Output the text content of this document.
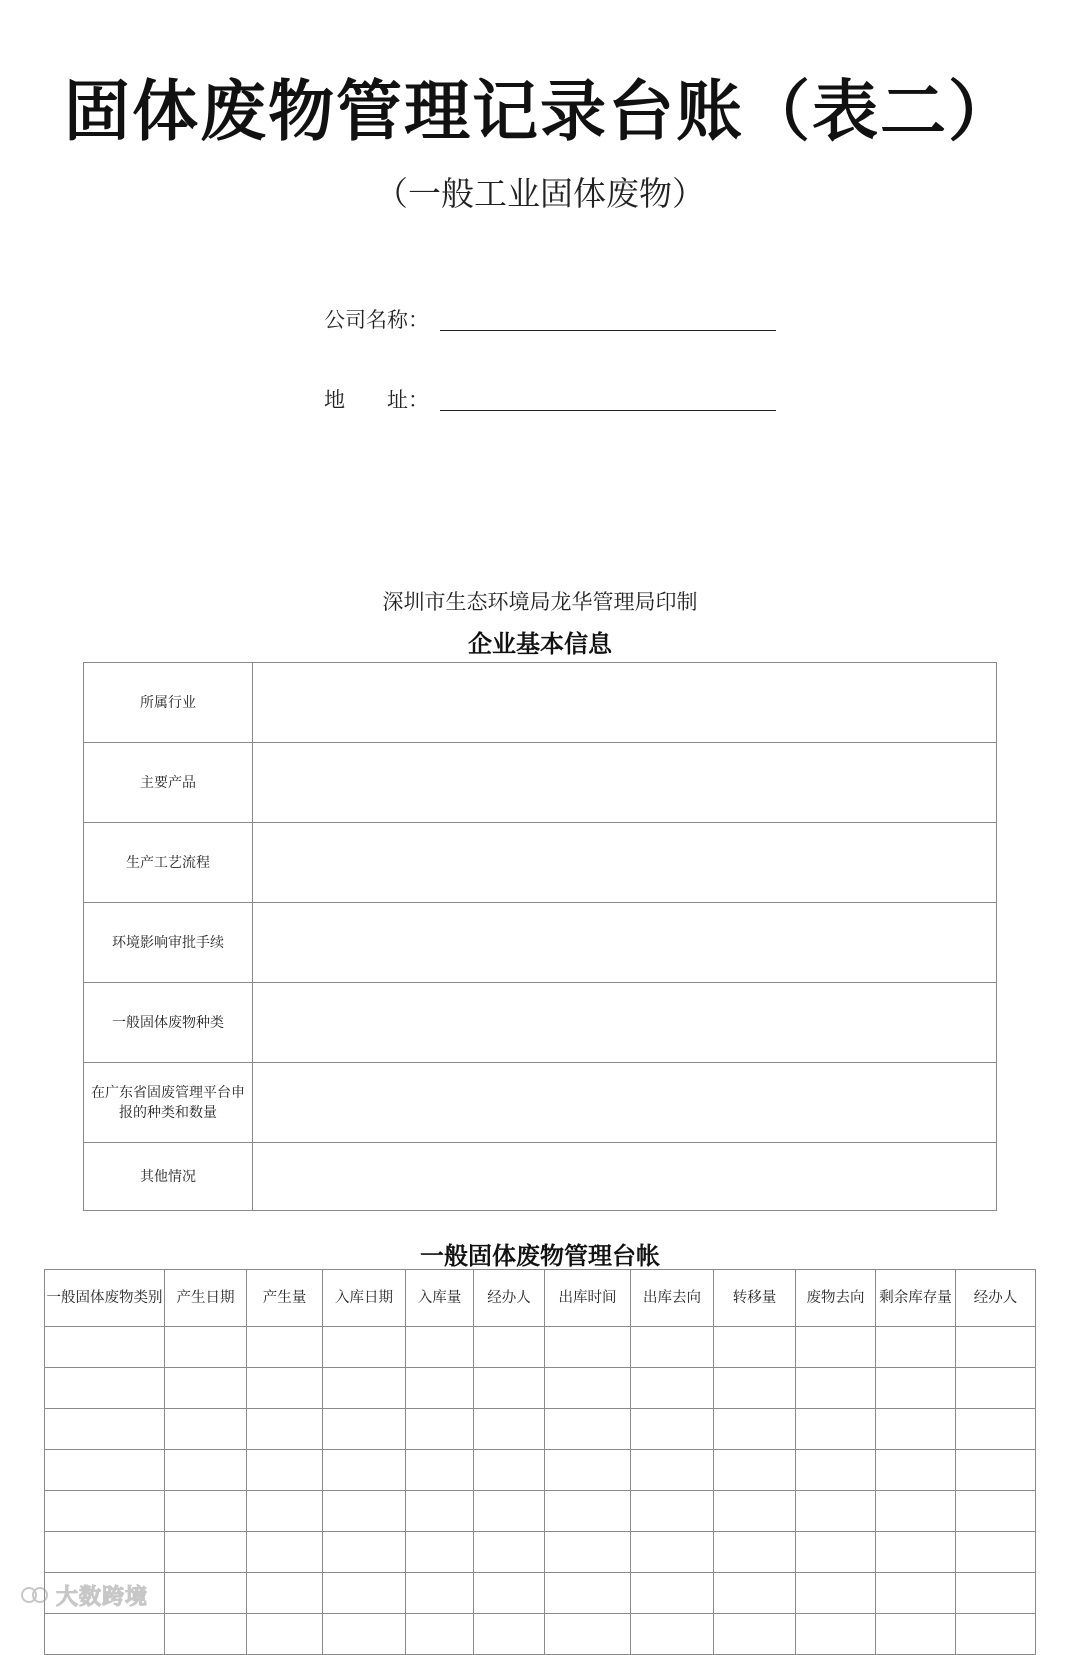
固体废物管理记录台账（表二）
（一般工业固体废物）
公司名称：
地　　址：
深圳市生态环境局龙华管理局印制
企业基本信息
所属行业	
主要产品	
生产工艺流程	
环境影响审批手续	
一般固体废物种类	
在广东省固废管理平台申报的种类和数量	
其他情况	
一般固体废物管理台帐
一般固体废物类别	产生日期	产生量	入库日期	入库量	经办人	出库时间	出库去向	转移量	废物去向	剩余库存量	经办人

大数跨境
